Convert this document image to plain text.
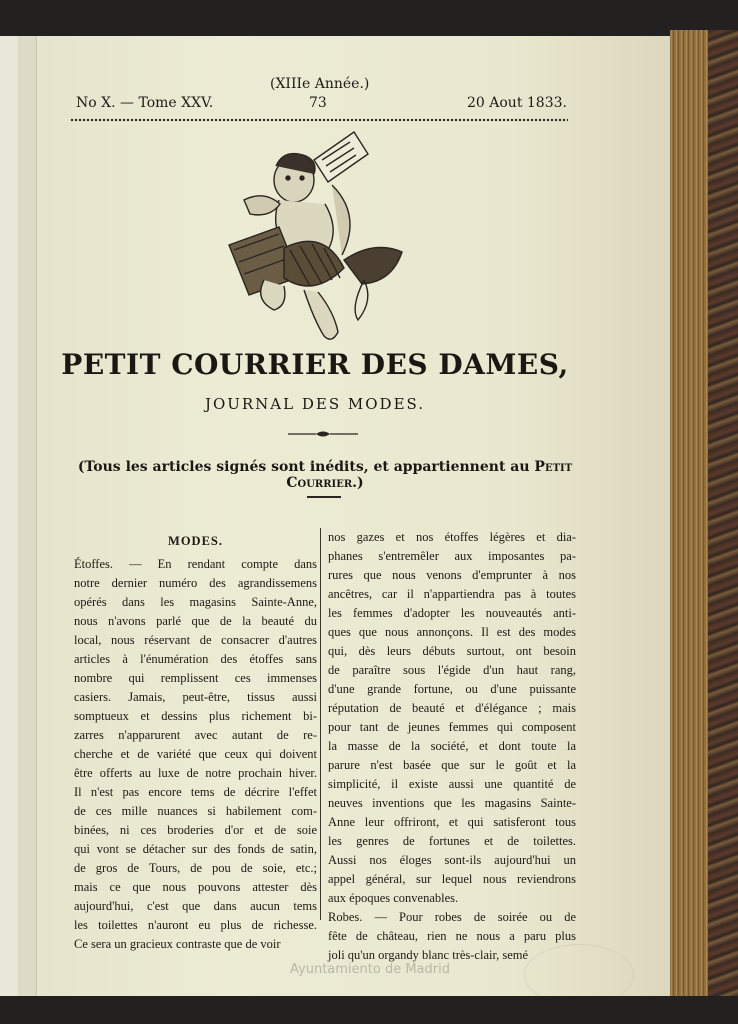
(XIIIe Année.)
No X. — Tome XXV.	73	20 Aout 1833.
PETIT COURRIER DES DAMES,
JOURNAL DES MODES.
(Tous les articles signés sont inédits, et appartiennent au Petit Courrier.)
MODES.
Étoffes. — En rendant compte dans
notre dernier numéro des agrandissemens
opérés dans les magasins Sainte-Anne,
nous n'avons parlé que de la beauté du
local, nous réservant de consacrer d'autres
articles à l'énumération des étoffes sans
nombre qui remplissent ces immenses
casiers. Jamais, peut-être, tissus aussi
somptueux et dessins plus richement bi-
zarres n'apparurent avec autant de re-
cherche et de variété que ceux qui doivent
être offerts au luxe de notre prochain hiver.
Il n'est pas encore tems de décrire l'effet
de ces mille nuances si habilement com-
binées, ni ces broderies d'or et de soie
qui vont se détacher sur des fonds de satin,
de gros de Tours, de pou de soie, etc.;
mais ce que nous pouvons attester dès
aujourd'hui, c'est que dans aucun tems
les toilettes n'auront eu plus de richesse.
Ce sera un gracieux contraste que de voir
nos gazes et nos étoffes légères et dia-
phanes s'entremêler aux imposantes pa-
rures que nous venons d'emprunter à nos
ancêtres, car il n'appartiendra pas à toutes
les femmes d'adopter les nouveautés anti-
ques que nous annonçons. Il est des modes
qui, dès leurs débuts surtout, ont besoin
de paraître sous l'égide d'un haut rang,
d'une grande fortune, ou d'une puissante
réputation de beauté et d'élégance ; mais
pour tant de jeunes femmes qui composent
la masse de la société, et dont toute la
parure n'est basée que sur le goût et la
simplicité, il existe aussi une quantité de
neuves inventions que les magasins Sainte-
Anne leur offriront, et qui satisferont tous
les genres de fortunes et de toilettes.
Aussi nos éloges sont-ils aujourd'hui un
appel général, sur lequel nous reviendrons
aux époques convenables.
Robes. — Pour robes de soirée ou de
fête de château, rien ne nous a paru plus
joli qu'un organdy blanc très-clair, semé
Ayuntamiento de Madrid
